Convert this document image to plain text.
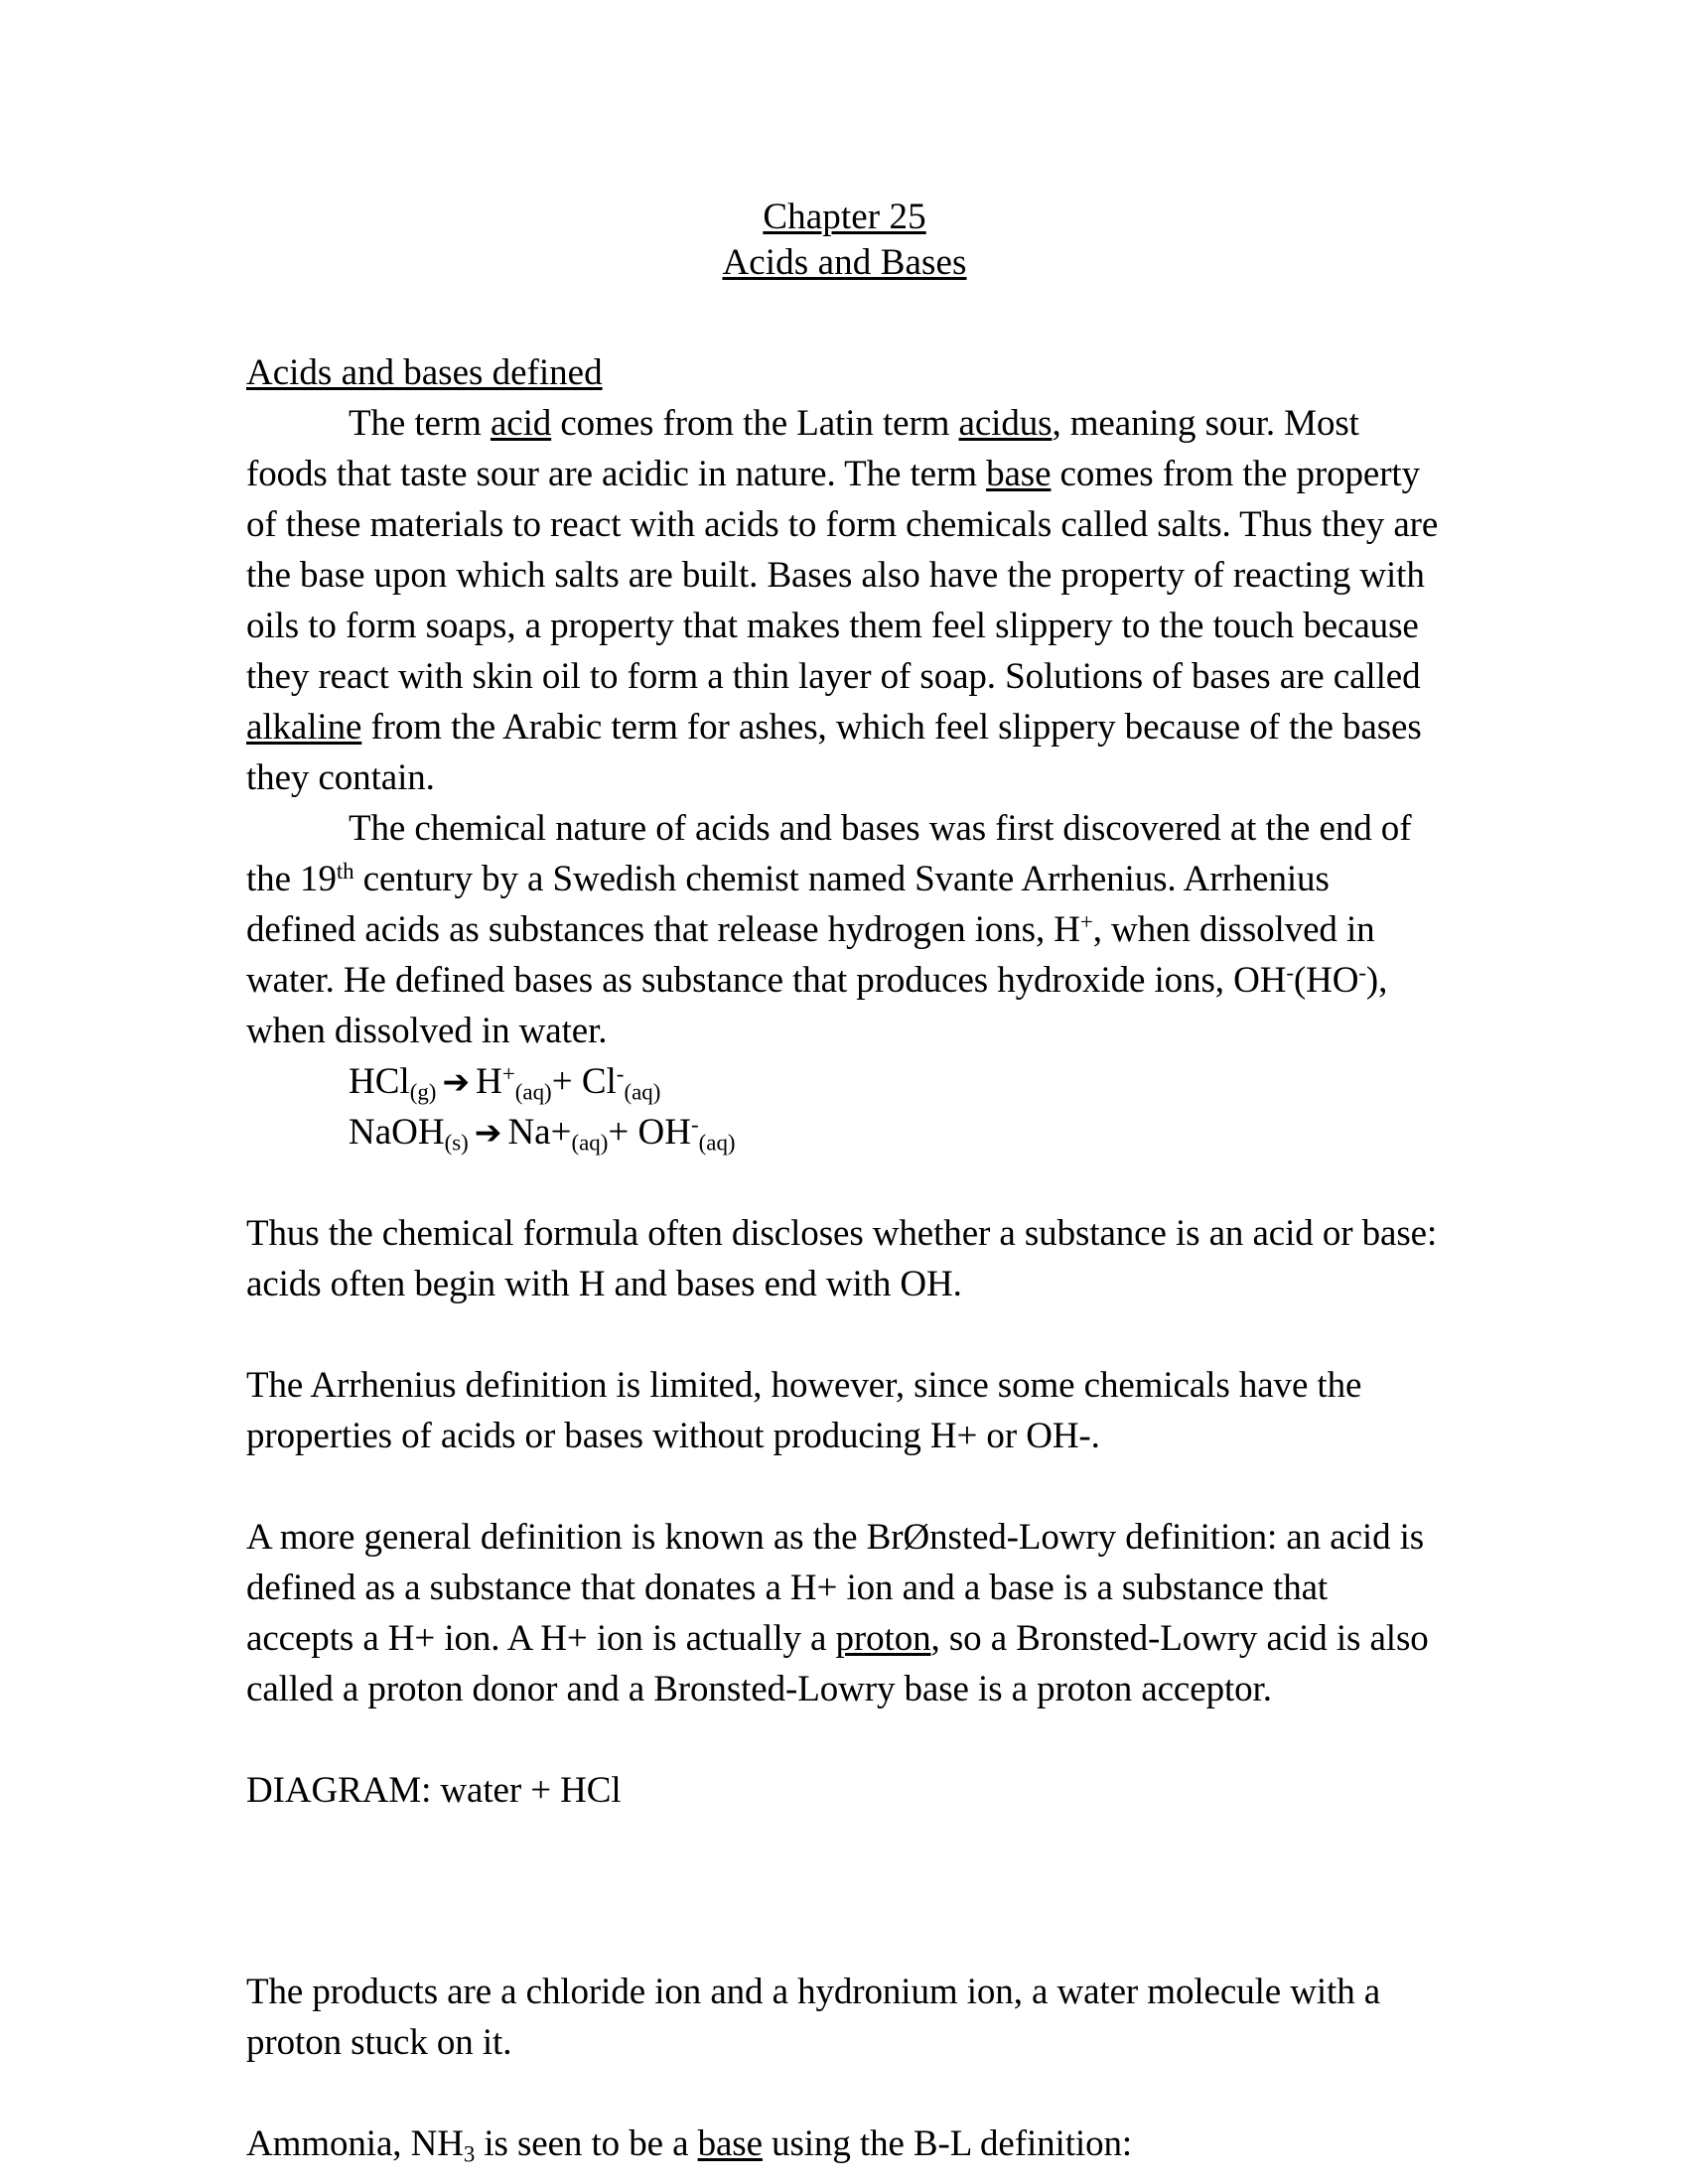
Chapter 25
Acids and Bases
Acids and bases defined

The term acid comes from the Latin term acidus, meaning sour. Most foods that taste sour are acidic in nature. The term base comes from the property of these materials to react with acids to form chemicals called salts. Thus they are the base upon which salts are built. Bases also have the property of reacting with oils to form soaps, a property that makes them feel slippery to the touch because they react with skin oil to form a thin layer of soap. Solutions of bases are called alkaline from the Arabic term for ashes, which feel slippery because of the bases they contain.

The chemical nature of acids and bases was first discovered at the end of the 19th century by a Swedish chemist named Svante Arrhenius. Arrhenius defined acids as substances that release hydrogen ions, H+, when dissolved in water. He defined bases as substance that produces hydroxide ions, OH-(HO-), when dissolved in water.

HCl$_{(g)}$ ➔ $H^+_{(aq)}+ Cl^-_{(aq)}$
NaOH$_{(s)}$ ➔ $Na+_{(aq)}+ OH^-_{(aq)}$

Thus the chemical formula often discloses whether a substance is an acid or base: acids often begin with H and bases end with OH.

The Arrhenius definition is limited, however, since some chemicals have the properties of acids or bases without producing H+ or OH-.

A more general definition is known as the BrØnsted-Lowry definition: an acid is defined as a substance that donates a H+ ion and a base is a substance that accepts a H+ ion. A H+ ion is actually a proton, so a Bronsted-Lowry acid is also called a proton donor and a Bronsted-Lowry base is a proton acceptor.

DIAGRAM: water + HCl

The products are a chloride ion and a hydronium ion, a water molecule with a proton stuck on it.

Ammonia, $NH_3$ is seen to be a base using the B-L definition:
